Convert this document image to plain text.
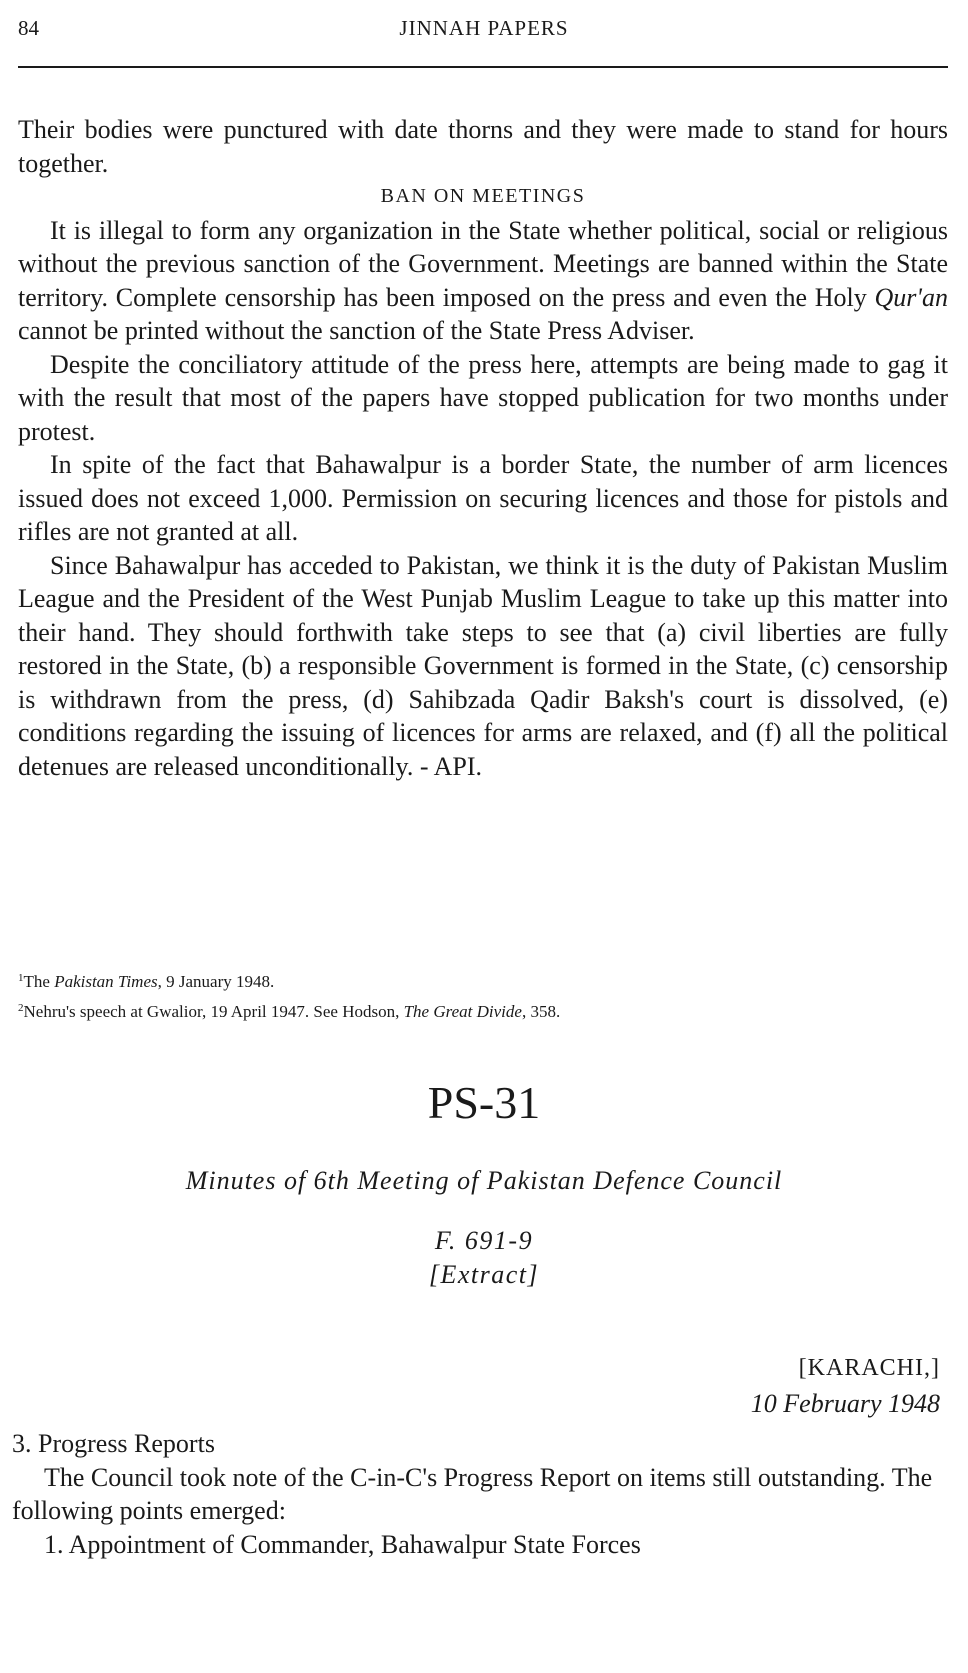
84	JINNAH PAPERS

Their bodies were punctured with date thorns and they were made to stand for hours together.

BAN ON MEETINGS

It is illegal to form any organization in the State whether political, social or religious without the previous sanction of the Government. Meetings are banned within the State territory. Complete censorship has been imposed on the press and even the Holy Qur'an cannot be printed without the sanction of the State Press Adviser.

Despite the conciliatory attitude of the press here, attempts are being made to gag it with the result that most of the papers have stopped publication for two months under protest.

In spite of the fact that Bahawalpur is a border State, the number of arm licences issued does not exceed 1,000. Permission on securing licences and those for pistols and rifles are not granted at all.

Since Bahawalpur has acceded to Pakistan, we think it is the duty of Pakistan Muslim League and the President of the West Punjab Muslim League to take up this matter into their hand. They should forthwith take steps to see that (a) civil liberties are fully restored in the State, (b) a responsible Government is formed in the State, (c) censorship is withdrawn from the press, (d) Sahibzada Qadir Baksh's court is dissolved, (e) conditions regarding the issuing of licences for arms are relaxed, and (f) all the political detenues are released unconditionally. - API.

$^1$The Pakistan Times, 9 January 1948.

$^2$Nehru's speech at Gwalior, 19 April 1947. See Hodson, The Great Divide, 358.

PS-31
Minutes of 6th Meeting of Pakistan Defence Council
F. 691-9
[Extract]
[KARACHI,]
10 February 1948

3. Progress Reports

The Council took note of the C-in-C's Progress Report on items still outstanding. The following points emerged:

1. Appointment of Commander, Bahawalpur State Forces
